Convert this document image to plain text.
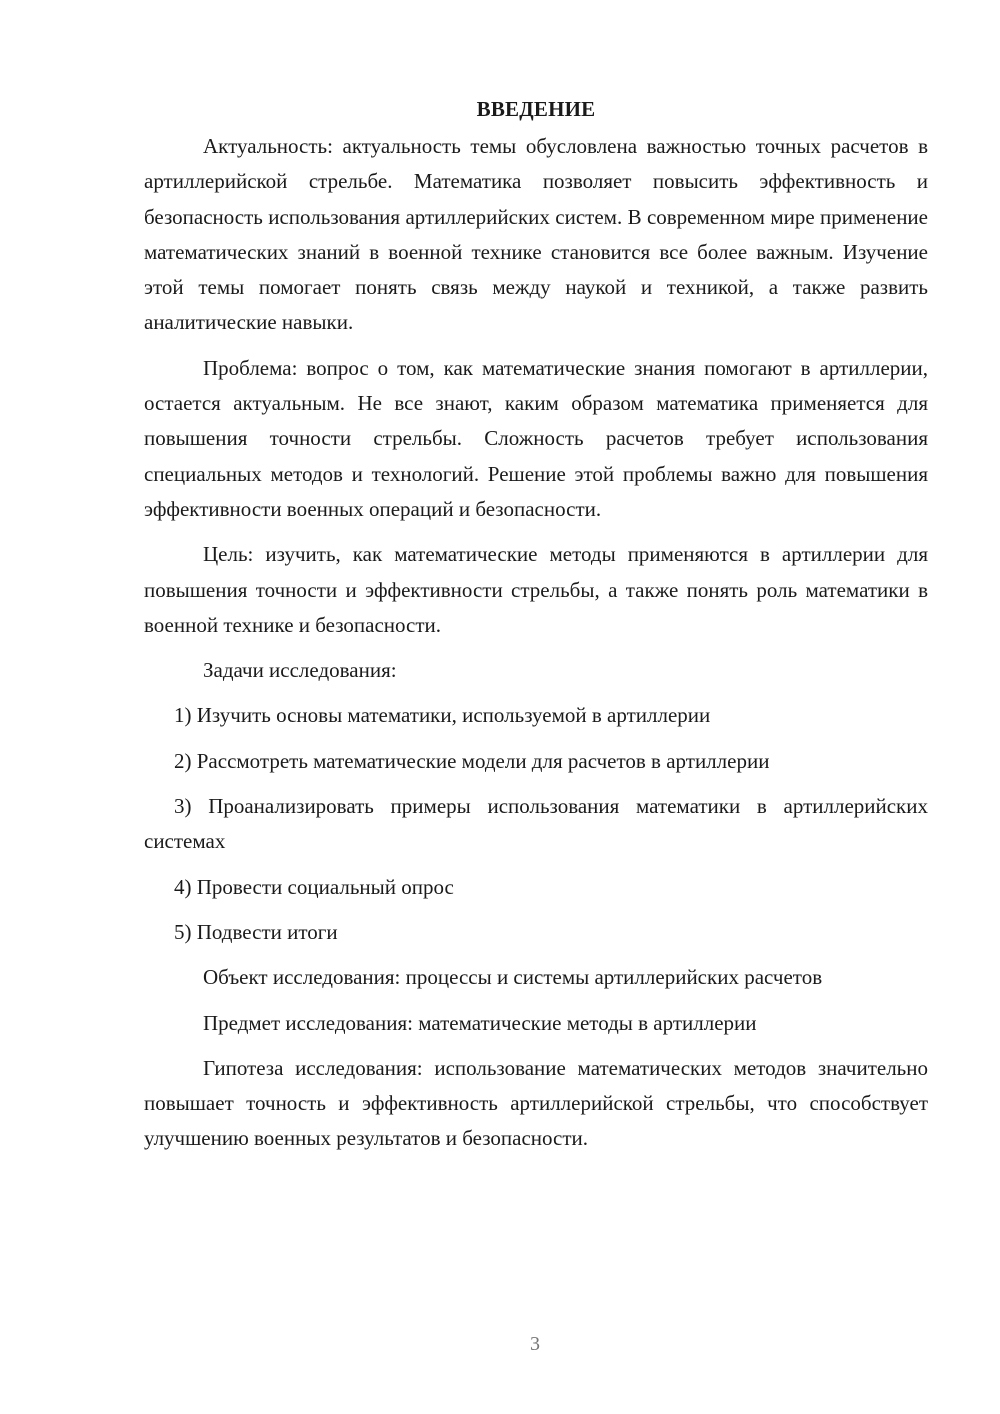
ВВЕДЕНИЕ

Актуальность: актуальность темы обусловлена важностью точных расчетов в артиллерийской стрельбе. Математика позволяет повысить эффективность и безопасность использования артиллерийских систем. В современном мире применение математических знаний в военной технике становится все более важным. Изучение этой темы помогает понять связь между наукой и техникой, а также развить аналитические навыки.

Проблема: вопрос о том, как математические знания помогают в артиллерии, остается актуальным. Не все знают, каким образом математика применяется для повышения точности стрельбы. Сложность расчетов требует использования специальных методов и технологий. Решение этой проблемы важно для повышения эффективности военных операций и безопасности.

Цель: изучить, как математические методы применяются в артиллерии для повышения точности и эффективности стрельбы, а также понять роль математики в военной технике и безопасности.

Задачи исследования:

1) Изучить основы математики, используемой в артиллерии

2) Рассмотреть математические модели для расчетов в артиллерии

3) Проанализировать примеры использования математики в артиллерийских системах

4) Провести социальный опрос

5) Подвести итоги

Объект исследования: процессы и системы артиллерийских расчетов

Предмет исследования: математические методы в артиллерии

Гипотеза исследования: использование математических методов значительно повышает точность и эффективность артиллерийской стрельбы, что способствует улучшению военных результатов и безопасности.

3
